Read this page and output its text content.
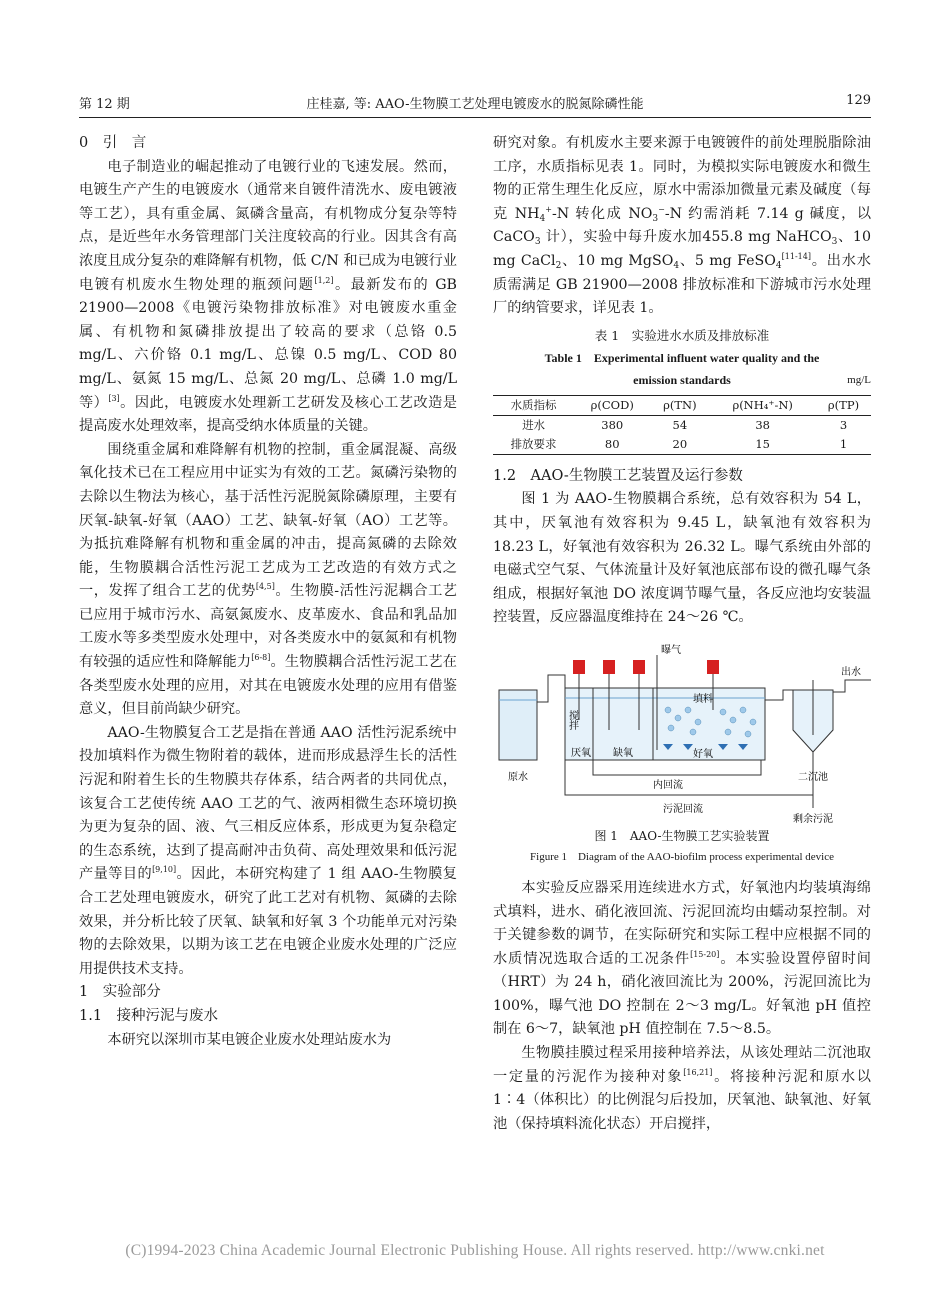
第 12 期	庄桂嘉, 等: AAO-生物膜工艺处理电镀废水的脱氮除磷性能	129
0　引　言

电子制造业的崛起推动了电镀行业的飞速发展。然而，电镀生产产生的电镀废水（通常来自镀件清洗水、废电镀液等工艺），具有重金属、氮磷含量高，有机物成分复杂等特点，是近些年水务管理部门关注度较高的行业。因其含有高浓度且成分复杂的难降解有机物，低 C/N 和已成为电镀行业电镀有机废水生物处理的瓶颈问题[1,2]。最新发布的 GB 21900—2008《电镀污染物排放标准》对电镀废水重金属、有机物和氮磷排放提出了较高的要求（总铬 0.5 mg/L、六价铬 0.1 mg/L、总镍 0.5 mg/L、COD 80 mg/L、氨氮 15 mg/L、总氮 20 mg/L、总磷 1.0 mg/L 等）[3]。因此，电镀废水处理新工艺研发及核心工艺改造是提高废水处理效率，提高受纳水体质量的关键。

围绕重金属和难降解有机物的控制，重金属混凝、高级氧化技术已在工程应用中证实为有效的工艺。氮磷污染物的去除以生物法为核心，基于活性污泥脱氮除磷原理，主要有厌氧-缺氧-好氧（AAO）工艺、缺氧-好氧（AO）工艺等。为抵抗难降解有机物和重金属的冲击，提高氮磷的去除效能，生物膜耦合活性污泥工艺成为工艺改造的有效方式之一，发挥了组合工艺的优势[4,5]。生物膜-活性污泥耦合工艺已应用于城市污水、高氨氮废水、皮革废水、食品和乳品加工废水等多类型废水处理中，对各类废水中的氨氮和有机物有较强的适应性和降解能力[6-8]。生物膜耦合活性污泥工艺在各类型废水处理的应用，对其在电镀废水处理的应用有借鉴意义，但目前尚缺少研究。

AAO-生物膜复合工艺是指在普通 AAO 活性污泥系统中投加填料作为微生物附着的载体，进而形成悬浮生长的活性污泥和附着生长的生物膜共存体系，结合两者的共同优点，该复合工艺使传统 AAO 工艺的气、液两相微生态环境切换为更为复杂的固、液、气三相反应体系，形成更为复杂稳定的生态系统，达到了提高耐冲击负荷、高处理效果和低污泥产量等目的[9,10]。因此，本研究构建了 1 组 AAO-生物膜复合工艺处理电镀废水，研究了此工艺对有机物、氮磷的去除效果，并分析比较了厌氧、缺氧和好氧 3 个功能单元对污染物的去除效果，以期为该工艺在电镀企业废水处理的广泛应用提供技术支持。

1　实验部分
1.1　接种污泥与废水

本研究以深圳市某电镀企业废水处理站废水为

研究对象。有机废水主要来源于电镀镀件的前处理脱脂除油工序，水质指标见表 1。同时，为模拟实际电镀废水和微生物的正常生理生化反应，原水中需添加微量元素及碱度（每克 $NH_4^+-N$ 转化成 $NO_3^--N$ 约需消耗 7.14 g 碱度，以 CaCO$_3$ 计），实验中每升废水加455.8 mg NaHCO$_3$、10 mg CaCl$_2$、10 mg MgSO$_4$、5 mg FeSO$_4$[11-14]。出水水质需满足 GB 21900—2008 排放标准和下游城市污水处理厂的纳管要求，详见表 1。

表 1　实验进水水质及排放标准
Table 1　Experimental influent water quality and the
emission standards	mg/L
水质指标	ρ(COD)	ρ(TN)	ρ(NH₄⁺-N)	ρ(TP)
进水	380	54	38	3
排放要求	80	20	15	1
1.2　AAO-生物膜工艺装置及运行参数

图 1 为 AAO-生物膜耦合系统，总有效容积为 54 L，其中，厌氧池有效容积为 9.45 L，缺氧池有效容积为 18.23 L，好氧池有效容积为 26.32 L。曝气系统由外部的电磁式空气泵、气体流量计及好氧池底部布设的微孔曝气条组成，根据好氧池 DO 浓度调节曝气量，各反应池均安装温控装置，反应器温度维持在 24～26 ℃。

原水
搅拌
曝气
填料
厌氧 缺氧	好氧
二沉池
出水
内回流
污泥回流
剩余污泥
图 1　AAO-生物膜工艺实验装置
Figure 1　Diagram of the AAO-biofilm process experimental device

本实验反应器采用连续进水方式，好氧池内均装填海绵式填料，进水、硝化液回流、污泥回流均由蠕动泵控制。对于关键参数的调节，在实际研究和实际工程中应根据不同的水质情况选取合适的工况条件[15-20]。本实验设置停留时间（HRT）为 24 h，硝化液回流比为 200%，污泥回流比为 100%，曝气池 DO 控制在 2～3 mg/L。好氧池 pH 值控制在 6～7，缺氧池 pH 值控制在 7.5～8.5。

生物膜挂膜过程采用接种培养法，从该处理站二沉池取一定量的污泥作为接种对象[16,21]。将接种污泥和原水以 1∶4（体积比）的比例混匀后投加，厌氧池、缺氧池、好氧池（保持填料流化状态）开启搅拌，

(C)1994-2023 China Academic Journal Electronic Publishing House. All rights reserved. http://www.cnki.net
